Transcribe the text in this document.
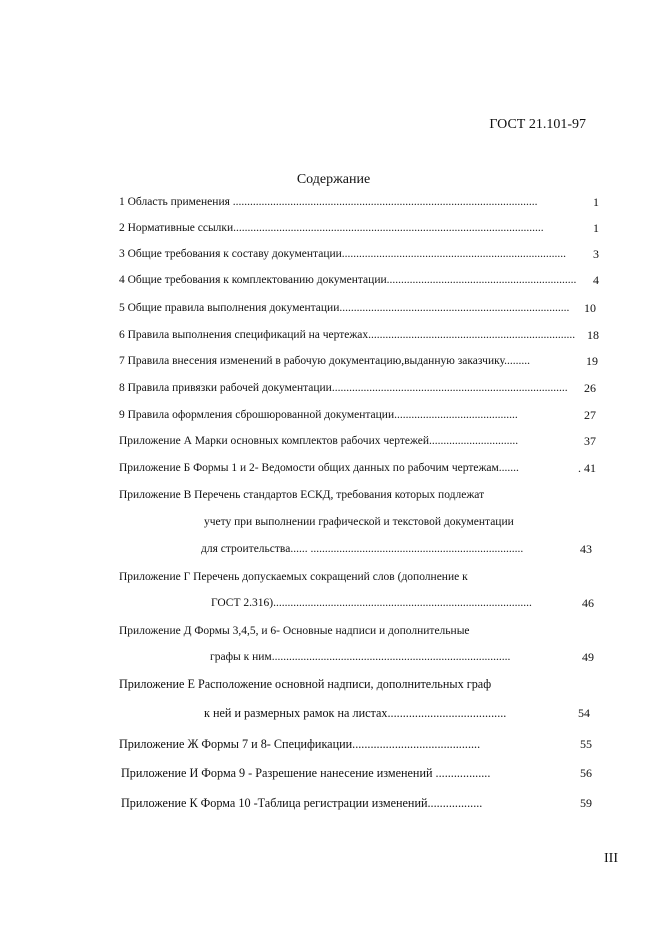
ГОСТ 21.101-97
Содержание
1 Область применения ..........................................................................................................	1
2 Нормативные ссылки............................................................................................................	1
3 Общие требования к составу документации.............................................................................. 3
4 Общие требования к комплектованию документации.................................................................. 4
5 Общие правила выполнения документации................................................................................ 10
6 Правила выполнения спецификаций на чертежах........................................................................ 18
7 Правила внесения изменений в рабочую документацию,выданную заказчику.........	19
8 Правила привязки рабочей документации.................................................................................. 26
9 Правила оформления сброшюрованной документации...........................................	27
Приложение А Марки основных комплектов рабочих чертежей...............................	37
Приложение Б Формы 1 и 2- Ведомости общих данных по рабочим чертежам.......	. 41
Приложение В Перечень стандартов ЕСКД, требования которых подлежат
учету при выполнении графической и текстовой документации
для строительства...... ..........................................................................	43
Приложение Г Перечень допускаемых сокращений слов (дополнение к
ГОСТ 2.316)..........................................................................................	46
Приложение Д Формы 3,4,5, и 6- Основные надписи и дополнительные
графы к ним...................................................................................	49
Приложение Е Расположение основной надписи, дополнительных граф
к ней и размерных рамок на листах.......................................	54
Приложение Ж Формы 7 и 8- Спецификации..........................................	55
Приложение И Форма 9 - Разрешение нанесение изменений ..................	56
Приложение К Форма 10 -Таблица регистрации изменений..................	59
III
